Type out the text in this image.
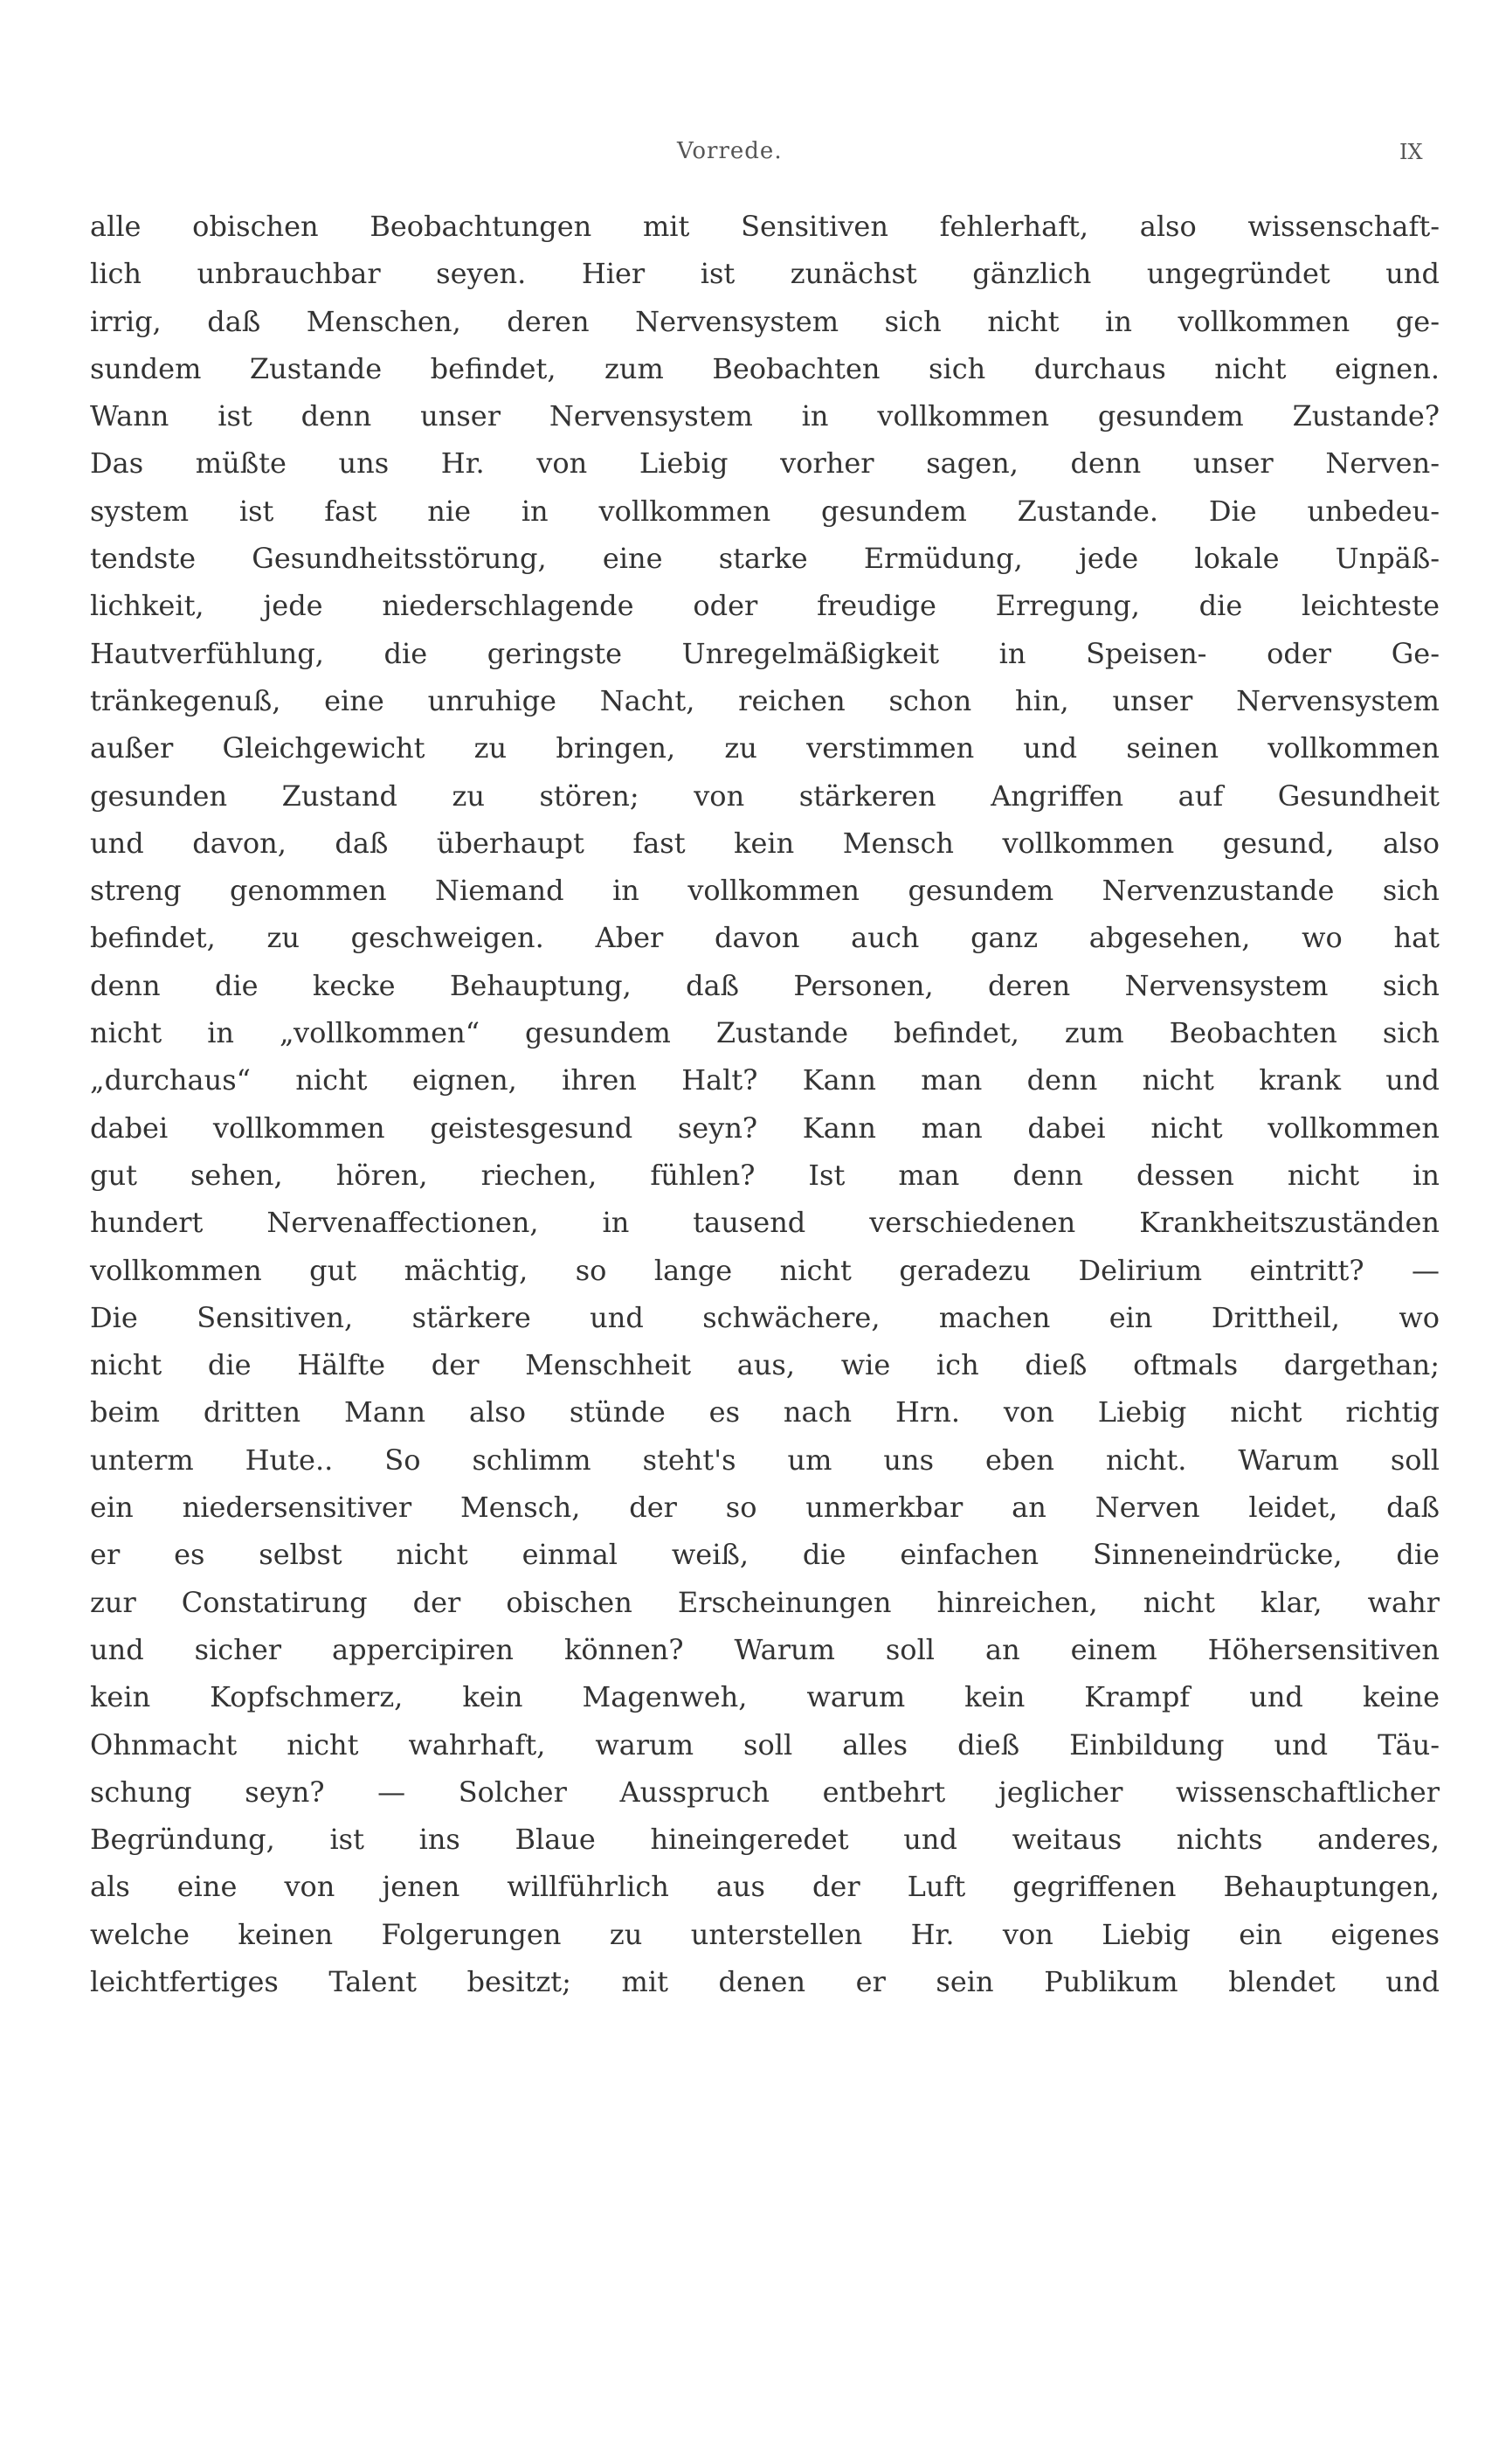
Vorrede.	IX
alle obischen Beobachtungen mit Sensitiven fehlerhaft, also wissenschaft-
lich unbrauchbar seyen. Hier ist zunächst gänzlich ungegründet und
irrig, daß Menschen, deren Nervensystem sich nicht in vollkommen ge-
sundem Zustande befindet, zum Beobachten sich durchaus nicht eignen.
Wann ist denn unser Nervensystem in vollkommen gesundem Zustande?
Das müßte uns Hr. von Liebig vorher sagen, denn unser Nerven-
system ist fast nie in vollkommen gesundem Zustande. Die unbedeu-
tendste Gesundheitsstörung, eine starke Ermüdung, jede lokale Unpäß-
lichkeit, jede niederschlagende oder freudige Erregung, die leichteste
Hautverfühlung, die geringste Unregelmäßigkeit in Speisen- oder Ge-
tränkegenuß, eine unruhige Nacht, reichen schon hin, unser Nervensystem
außer Gleichgewicht zu bringen, zu verstimmen und seinen vollkommen
gesunden Zustand zu stören; von stärkeren Angriffen auf Gesundheit
und davon, daß überhaupt fast kein Mensch vollkommen gesund, also
streng genommen Niemand in vollkommen gesundem Nervenzustande sich
befindet, zu geschweigen. Aber davon auch ganz abgesehen, wo hat
denn die kecke Behauptung, daß Personen, deren Nervensystem sich
nicht in „vollkommen“ gesundem Zustande befindet, zum Beobachten sich
„durchaus“ nicht eignen, ihren Halt? Kann man denn nicht krank und
dabei vollkommen geistesgesund seyn? Kann man dabei nicht vollkommen
gut sehen, hören, riechen, fühlen? Ist man denn dessen nicht in
hundert Nervenaffectionen, in tausend verschiedenen Krankheitszuständen
vollkommen gut mächtig, so lange nicht geradezu Delirium eintritt? —
Die Sensitiven, stärkere und schwächere, machen ein Drittheil, wo
nicht die Hälfte der Menschheit aus, wie ich dieß oftmals dargethan;
beim dritten Mann also stünde es nach Hrn. von Liebig nicht richtig
unterm Hute.. So schlimm steht's um uns eben nicht. Warum soll
ein niedersensitiver Mensch, der so unmerkbar an Nerven leidet, daß
er es selbst nicht einmal weiß, die einfachen Sinneneindrücke, die
zur Constatirung der obischen Erscheinungen hinreichen, nicht klar, wahr
und sicher appercipiren können? Warum soll an einem Höhersensitiven
kein Kopfschmerz, kein Magenweh, warum kein Krampf und keine
Ohnmacht nicht wahrhaft, warum soll alles dieß Einbildung und Täu-
schung seyn? — Solcher Ausspruch entbehrt jeglicher wissenschaftlicher
Begründung, ist ins Blaue hineingeredet und weitaus nichts anderes,
als eine von jenen willführlich aus der Luft gegriffenen Behauptungen,
welche keinen Folgerungen zu unterstellen Hr. von Liebig ein eigenes
leichtfertiges Talent besitzt; mit denen er sein Publikum blendet und
